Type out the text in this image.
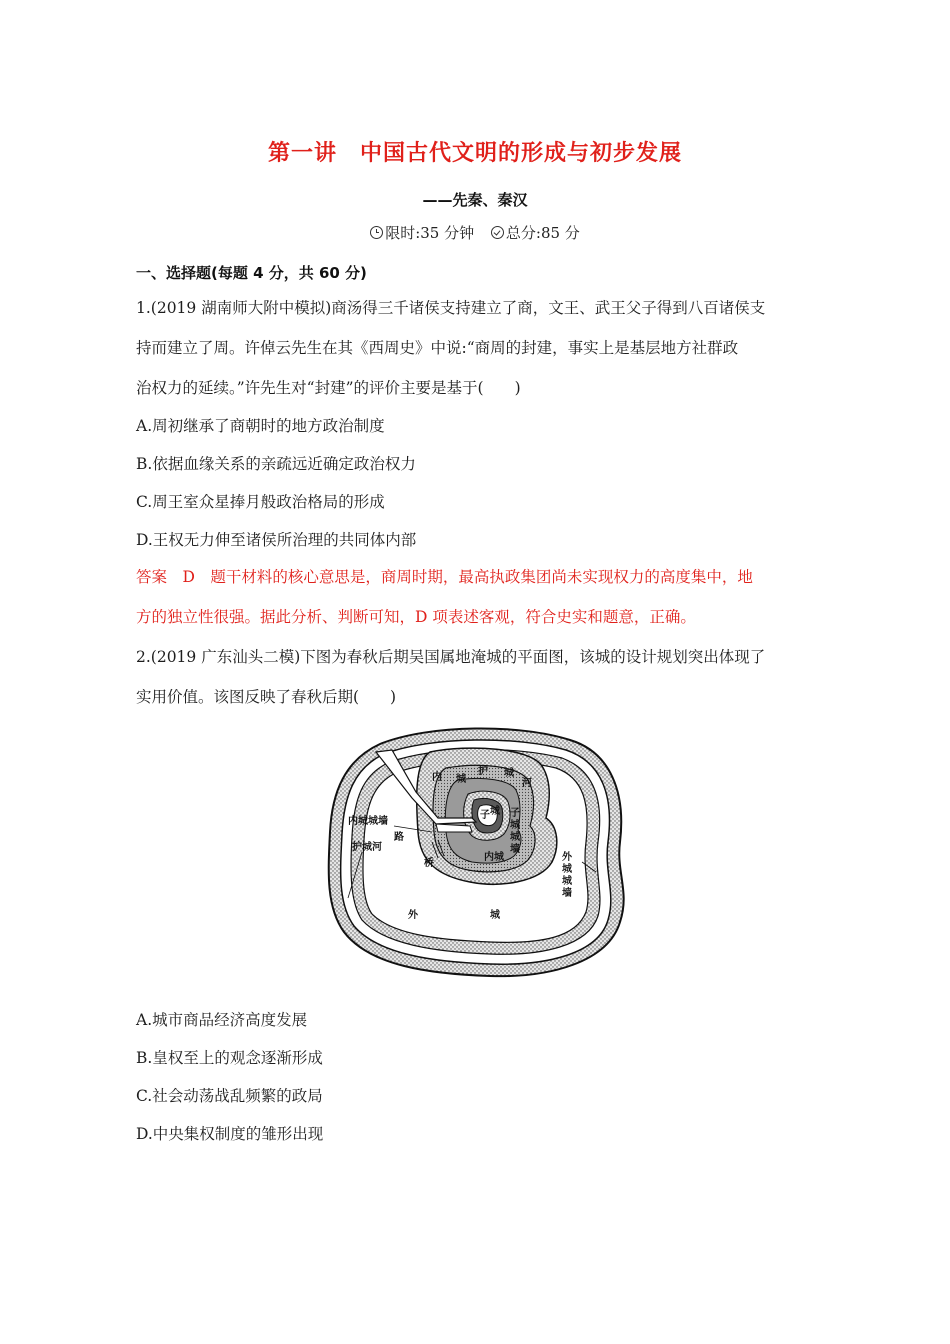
第一讲　中国古代文明的形成与初步发展
——先秦、秦汉
限时:35 分钟 总分:85 分
一、选择题(每题 4 分，共 60 分)
1.(2019 湖南师大附中模拟)商汤得三千诸侯支持建立了商，文王、武王父子得到八百诸侯支
持而建立了周。许倬云先生在其《西周史》中说:“商周的封建，事实上是基层地方社群政
治权力的延续。”许先生对“封建”的评价主要是基于(　　)
A.周初继承了商朝时的地方政治制度
B.依据血缘关系的亲疏远近确定政治权力
C.周王室众星捧月般政治格局的形成
D.王权无力伸至诸侯所治理的共同体内部
答案　D　题干材料的核心意思是，商周时期，最高执政集团尚未实现权力的高度集中，地
方的独立性很强。据此分析、判断可知，D 项表述客观，符合史实和题意，正确。
2.(2019 广东汕头二模)下图为春秋后期吴国属地淹城的平面图，该城的设计规划突出体现了
实用价值。该图反映了春秋后期(　　)
城
护 城
河
内
子 城 子
城
城
墙
内城城墙
路
护城河
桥
内城	外
城
城
墙
外	城
A.城市商品经济高度发展
B.皇权至上的观念逐渐形成
C.社会动荡战乱频繁的政局
D.中央集权制度的雏形出现
